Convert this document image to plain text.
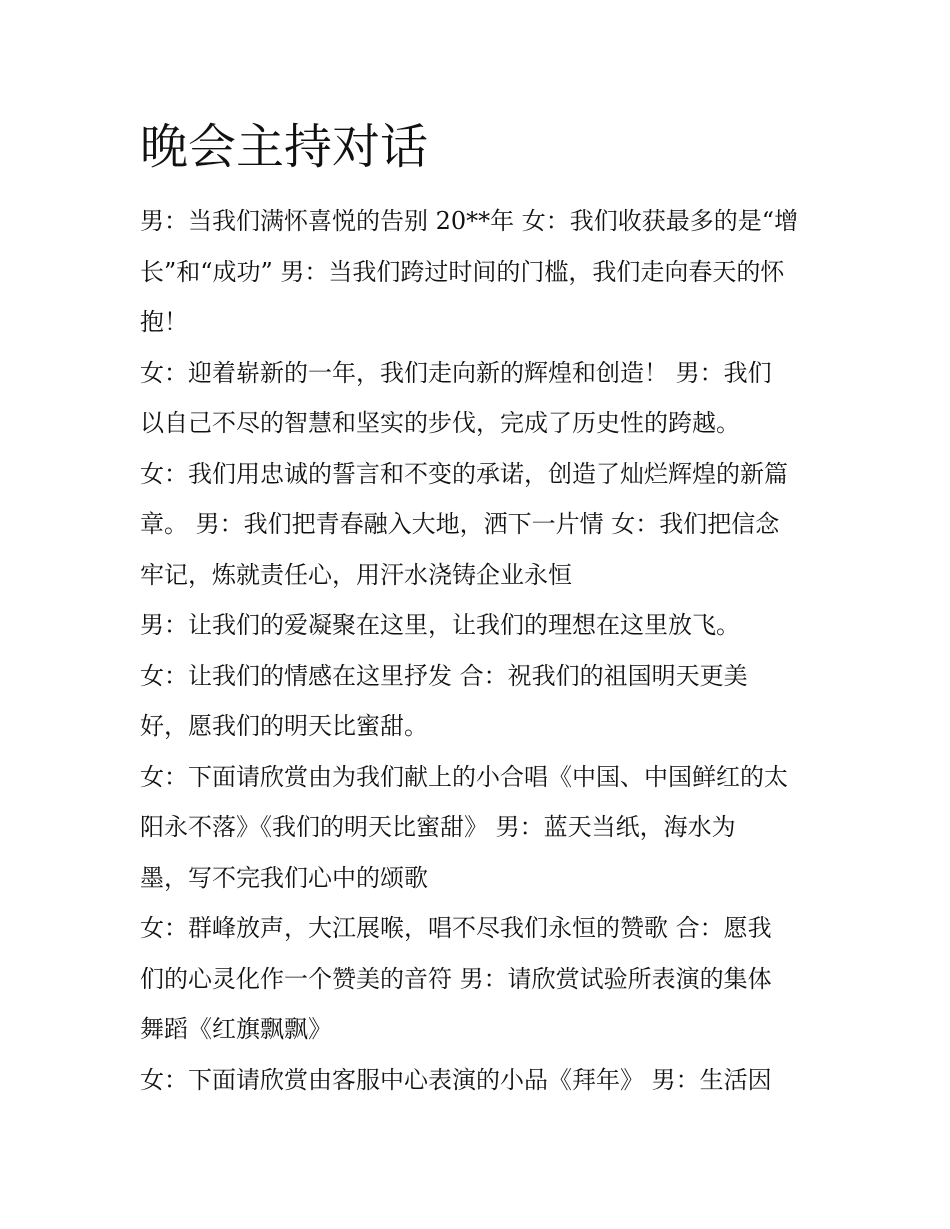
晚会主持对话

男：当我们满怀喜悦的告别 20**年 女：我们收获最多的是“增
长”和“成功” 男：当我们跨过时间的门槛，我们走向春天的怀
抱！

女：迎着崭新的一年，我们走向新的辉煌和创造！ 男：我们
以自己不尽的智慧和坚实的步伐，完成了历史性的跨越。

女：我们用忠诚的誓言和不变的承诺，创造了灿烂辉煌的新篇
章。 男：我们把青春融入大地，洒下一片情 女：我们把信念
牢记，炼就责任心，用汗水浇铸企业永恒

男：让我们的爱凝聚在这里，让我们的理想在这里放飞。

女：让我们的情感在这里抒发 合：祝我们的祖国明天更美
好，愿我们的明天比蜜甜。

女：下面请欣赏由为我们献上的小合唱《中国、中国鲜红的太
阳永不落》《我们的明天比蜜甜》 男：蓝天当纸，海水为
墨，写不完我们心中的颂歌

女：群峰放声，大江展喉，唱不尽我们永恒的赞歌 合：愿我
们的心灵化作一个赞美的音符 男：请欣赏试验所表演的集体
舞蹈《红旗飘飘》

女：下面请欣赏由客服中心表演的小品《拜年》 男：生活因
